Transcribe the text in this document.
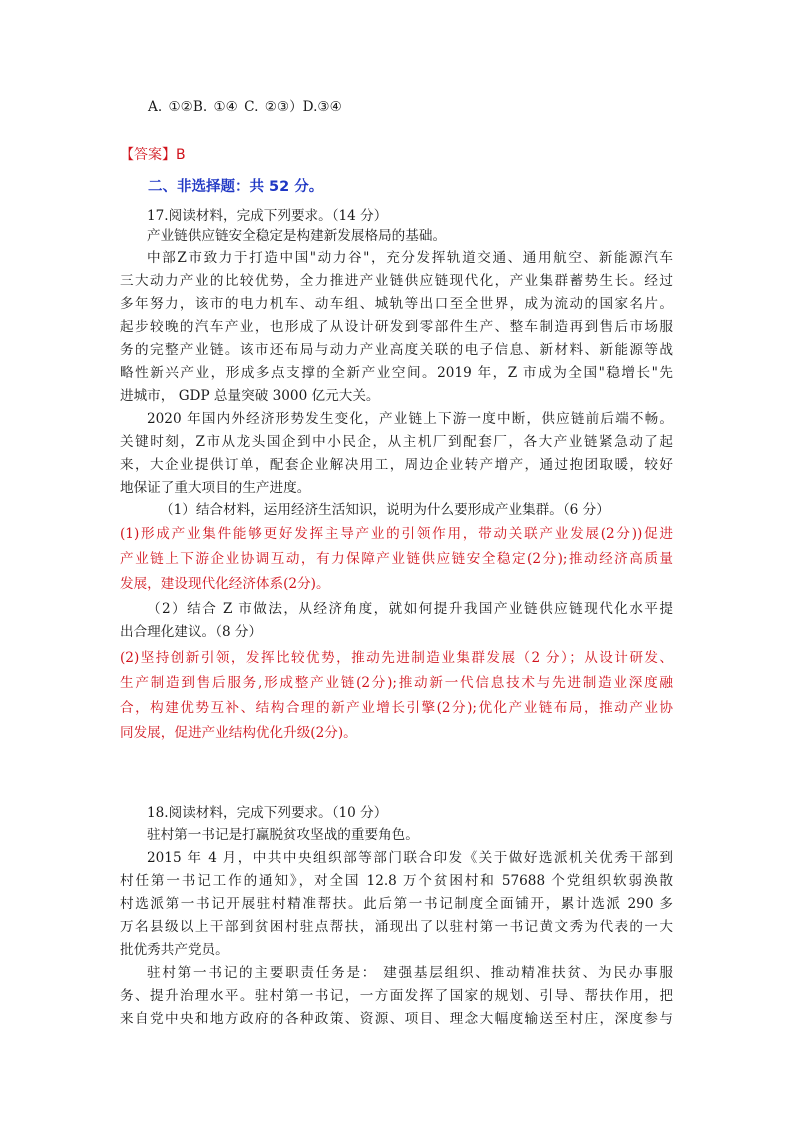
A. ①②B. ①④ C. ②③）D.③④
【答案】B
二、非选择题：共 52 分。
17.阅读材料，完成下列要求。（14 分）
产业链供应链安全稳定是构建新发展格局的基础。
中部Z市致力于打造中国"动力谷"，充分发挥轨道交通、通用航空、新能源汽车
三大动力产业的比较优势，全力推进产业链供应链现代化，产业集群蓄势生长。经过
多年努力，该市的电力机车、动车组、城轨等出口至全世界，成为流动的国家名片。
起步较晚的汽车产业，也形成了从设计研发到零部件生产、整车制造再到售后市场服
务的完整产业链。该市还布局与动力产业高度关联的电子信息、新材料、新能源等战
略性新兴产业，形成多点支撑的全新产业空间。2019 年，Z 市成为全国"稳增长"先
进城市， GDP 总量突破 3000 亿元大关。
2020 年国内外经济形势发生变化，产业链上下游一度中断，供应链前后端不畅。
关键时刻，Z市从龙头国企到中小民企，从主机厂到配套厂，各大产业链紧急动了起
来，大企业提供订单，配套企业解决用工，周边企业转产增产，通过抱团取暖，较好
地保证了重大项目的生产进度。
（1）结合材料，运用经济生活知识，说明为什么要形成产业集群。（6 分）
(1)形成产业集件能够更好发挥主导产业的引领作用，带动关联产业发展(2分))促进
产业链上下游企业协调互动，有力保障产业链供应链安全稳定(2分);推动经济高质量
发展，建设现代化经济体系(2分)。
（2）结合 Z 市做法，从经济角度，就如何提升我国产业链供应链现代化水平提
出合理化建议。（8 分）
(2)坚持创新引领，发挥比较优势，推动先进制造业集群发展（2 分）；从设计研发、
生产制造到售后服务,形成整产业链(2分);推动新一代信息技术与先进制造业深度融
合，构建优势互补、结构合理的新产业增长引擎(2分);优化产业链布局，推动产业协
同发展，促进产业结构优化升级(2分)。
18.阅读材料，完成下列要求。（10 分）
驻村第一书记是打赢脱贫攻坚战的重要角色。
2015 年 4 月，中共中央组织部等部门联合印发《关于做好选派机关优秀干部到
村任第一书记工作的通知》，对全国 12.8 万个贫困村和 57688 个党组织软弱涣散
村选派第一书记开展驻村精准帮扶。此后第一书记制度全面铺开，累计选派 290 多
万名县级以上干部到贫困村驻点帮扶，涌现出了以驻村第一书记黄文秀为代表的一大
批优秀共产党员。
驻村第一书记的主要职责任务是： 建强基层组织、推动精准扶贫、为民办事服
务、提升治理水平。驻村第一书记，一方面发挥了国家的规划、引导、帮扶作用，把
来自党中央和地方政府的各种政策、资源、项目、理念大幅度输送至村庄，深度参与
